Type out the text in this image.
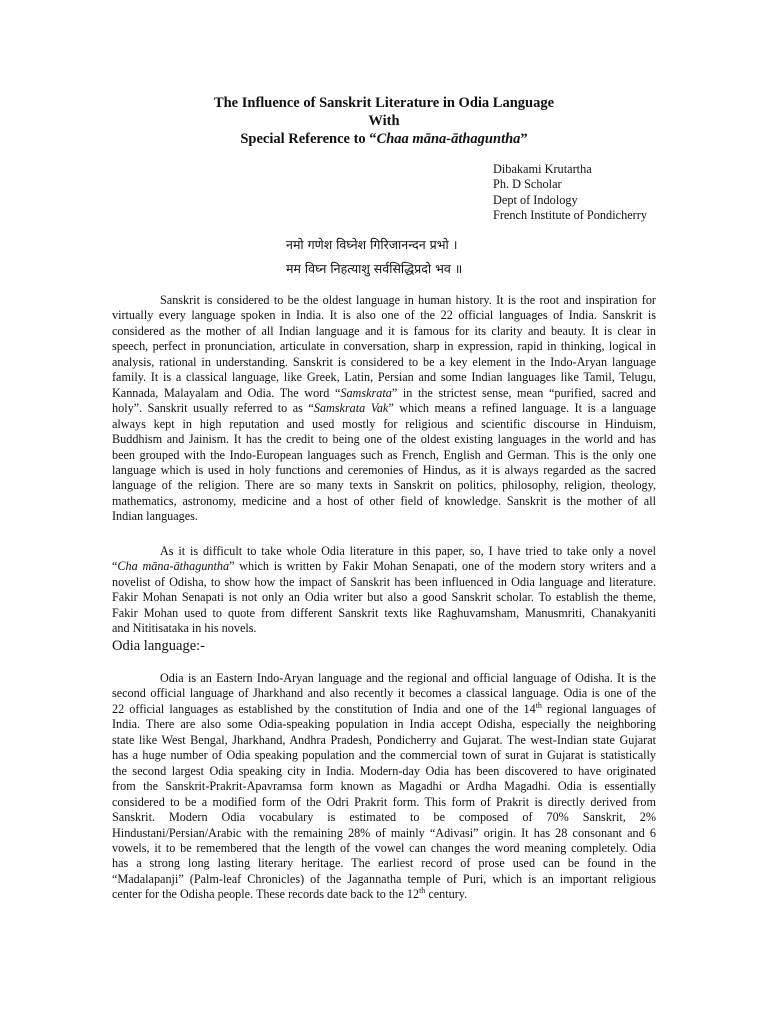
The Influence of Sanskrit Literature in Odia Language
With
Special Reference to “Chaa māna-āthaguntha”
Dibakami Krutartha
Ph. D Scholar
Dept of Indology
French Institute of Pondicherry
नमो गणेश विघ्नेश गिरिजानन्दन प्रभो ।
मम विघ्न निहत्याशु सर्वसिद्धिप्रदो भव ॥
Sanskrit is considered to be the oldest language in human history. It is the root and inspiration for
virtually every language spoken in India. It is also one of the 22 official languages of India. Sanskrit is
considered as the mother of all Indian language and it is famous for its clarity and beauty. It is clear in
speech, perfect in pronunciation, articulate in conversation, sharp in expression, rapid in thinking, logical in
analysis, rational in understanding. Sanskrit is considered to be a key element in the Indo-Aryan language
family. It is a classical language, like Greek, Latin, Persian and some Indian languages like Tamil, Telugu,
Kannada, Malayalam and Odia. The word “Samskrata” in the strictest sense, mean “purified, sacred and
holy”. Sanskrit usually referred to as “Samskrata Vak” which means a refined language. It is a language
always kept in high reputation and used mostly for religious and scientific discourse in Hinduism,
Buddhism and Jainism. It has the credit to being one of the oldest existing languages in the world and has
been grouped with the Indo-European languages such as French, English and German. This is the only one
language which is used in holy functions and ceremonies of Hindus, as it is always regarded as the sacred
language of the religion. There are so many texts in Sanskrit on politics, philosophy, religion, theology,
mathematics, astronomy, medicine and a host of other field of knowledge. Sanskrit is the mother of all
Indian languages.
As it is difficult to take whole Odia literature in this paper, so, I have tried to take only a novel
“Cha māna-āthaguntha” which is written by Fakir Mohan Senapati, one of the modern story writers and a
novelist of Odisha, to show how the impact of Sanskrit has been influenced in Odia language and literature.
Fakir Mohan Senapati is not only an Odia writer but also a good Sanskrit scholar. To establish the theme,
Fakir Mohan used to quote from different Sanskrit texts like Raghuvamsham, Manusmriti, Chanakyaniti
and Nititisataka in his novels.
Odia language:-
Odia is an Eastern Indo-Aryan language and the regional and official language of Odisha. It is the
second official language of Jharkhand and also recently it becomes a classical language. Odia is one of the
22 official languages as established by the constitution of India and one of the 14th regional languages of
India. There are also some Odia-speaking population in India accept Odisha, especially the neighboring
state like West Bengal, Jharkhand, Andhra Pradesh, Pondicherry and Gujarat. The west-Indian state Gujarat
has a huge number of Odia speaking population and the commercial town of surat in Gujarat is statistically
the second largest Odia speaking city in India. Modern-day Odia has been discovered to have originated
from the Sanskrit-Prakrit-Apavramsa form known as Magadhi or Ardha Magadhi. Odia is essentially
considered to be a modified form of the Odri Prakrit form. This form of Prakrit is directly derived from
Sanskrit. Modern Odia vocabulary is estimated to be composed of 70% Sanskrit, 2%
Hindustani/Persian/Arabic with the remaining 28% of mainly “Adivasi” origin. It has 28 consonant and 6
vowels, it to be remembered that the length of the vowel can changes the word meaning completely. Odia
has a strong long lasting literary heritage. The earliest record of prose used can be found in the
“Madalapanji” (Palm-leaf Chronicles) of the Jagannatha temple of Puri, which is an important religious
center for the Odisha people. These records date back to the 12th century.
